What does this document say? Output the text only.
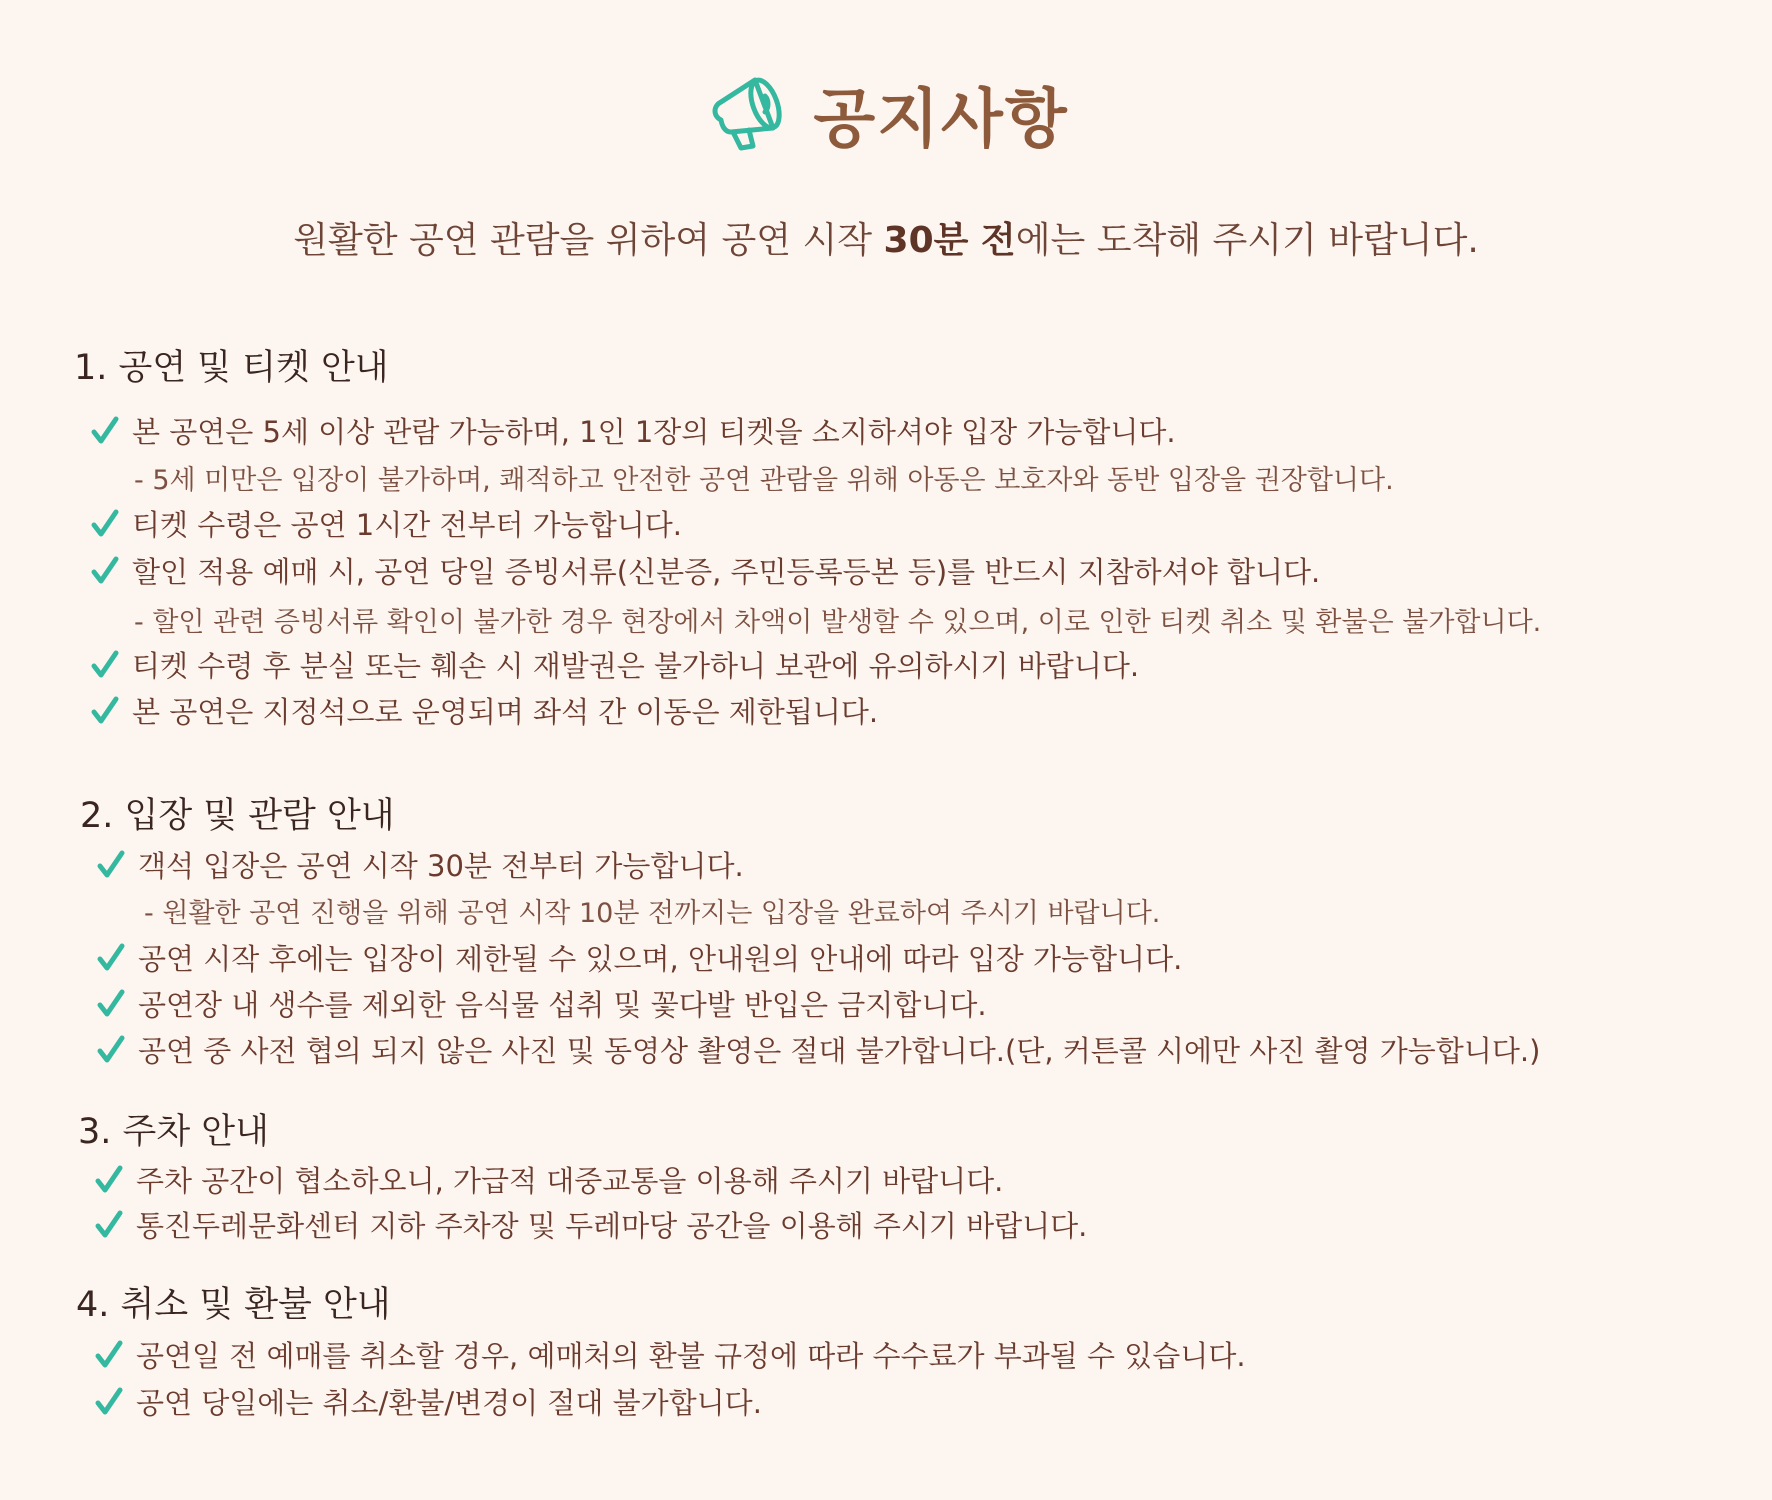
공지사항
원활한 공연 관람을 위하여 공연 시작 30분 전에는 도착해 주시기 바랍니다.
1. 공연 및 티켓 안내
본 공연은 5세 이상 관람 가능하며, 1인 1장의 티켓을 소지하셔야 입장 가능합니다.
- 5세 미만은 입장이 불가하며, 쾌적하고 안전한 공연 관람을 위해 아동은 보호자와 동반 입장을 권장합니다.
티켓 수령은 공연 1시간 전부터 가능합니다.
할인 적용 예매 시, 공연 당일 증빙서류(신분증, 주민등록등본 등)를 반드시 지참하셔야 합니다.
- 할인 관련 증빙서류 확인이 불가한 경우 현장에서 차액이 발생할 수 있으며, 이로 인한 티켓 취소 및 환불은 불가합니다.
티켓 수령 후 분실 또는 훼손 시 재발권은 불가하니 보관에 유의하시기 바랍니다.
본 공연은 지정석으로 운영되며 좌석 간 이동은 제한됩니다.
2. 입장 및 관람 안내
객석 입장은 공연 시작 30분 전부터 가능합니다.
- 원활한 공연 진행을 위해 공연 시작 10분 전까지는 입장을 완료하여 주시기 바랍니다.
공연 시작 후에는 입장이 제한될 수 있으며, 안내원의 안내에 따라 입장 가능합니다.
공연장 내 생수를 제외한 음식물 섭취 및 꽃다발 반입은 금지합니다.
공연 중 사전 협의 되지 않은 사진 및 동영상 촬영은 절대 불가합니다.(단, 커튼콜 시에만 사진 촬영 가능합니다.)
3. 주차 안내
주차 공간이 협소하오니, 가급적 대중교통을 이용해 주시기 바랍니다.
통진두레문화센터 지하 주차장 및 두레마당 공간을 이용해 주시기 바랍니다.
4. 취소 및 환불 안내
공연일 전 예매를 취소할 경우, 예매처의 환불 규정에 따라 수수료가 부과될 수 있습니다.
공연 당일에는 취소/환불/변경이 절대 불가합니다.
